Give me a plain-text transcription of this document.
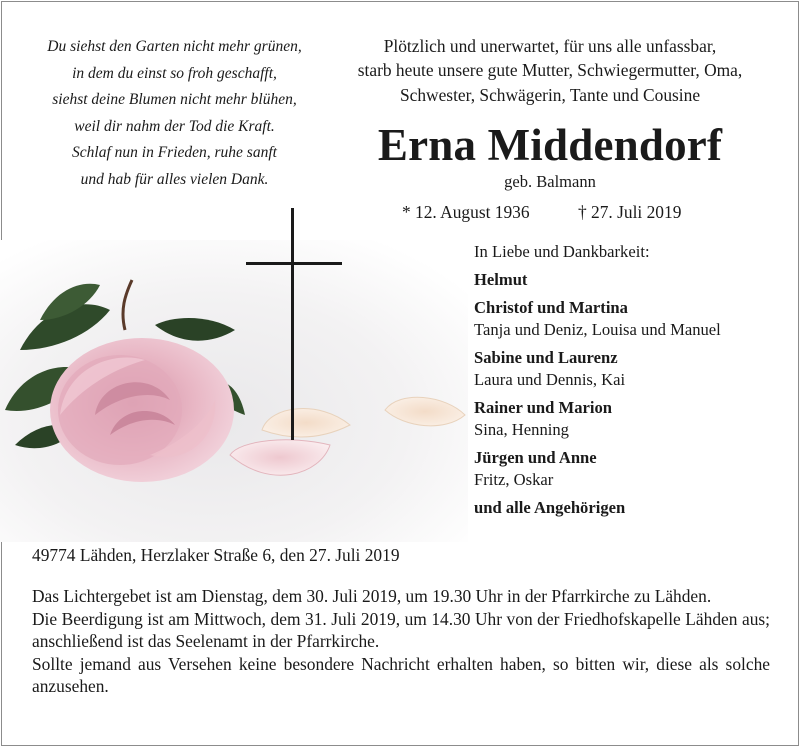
Du siehst den Garten nicht mehr grünen,
in dem du einst so froh geschafft,
siehst deine Blumen nicht mehr blühen,
weil dir nahm der Tod die Kraft.
Schlaf nun in Frieden, ruhe sanft
und hab für alles vielen Dank.
Plötzlich und unerwartet, für uns alle unfassbar,
starb heute unsere gute Mutter, Schwiegermutter, Oma,
Schwester, Schwägerin, Tante und Cousine
Erna Middendorf
geb. Balmann
* 12. August 1936	† 27. Juli 2019
In Liebe und Dankbarkeit:
Helmut
Christof und Martina
Tanja und Deniz, Louisa und Manuel
Sabine und Laurenz
Laura und Dennis, Kai
Rainer und Marion
Sina, Henning
Jürgen und Anne
Fritz, Oskar
und alle Angehörigen
49774 Lähden, Herzlaker Straße 6, den 27. Juli 2019

Das Lichtergebet ist am Dienstag, dem 30. Juli 2019, um 19.30 Uhr in der Pfarrkirche zu Lähden.

Die Beerdigung ist am Mittwoch, dem 31. Juli 2019, um 14.30 Uhr von der Friedhofskapelle Lähden aus; anschließend ist das Seelenamt in der Pfarrkirche.

Sollte jemand aus Versehen keine besondere Nachricht erhalten haben, so bitten wir, diese als solche anzusehen.
